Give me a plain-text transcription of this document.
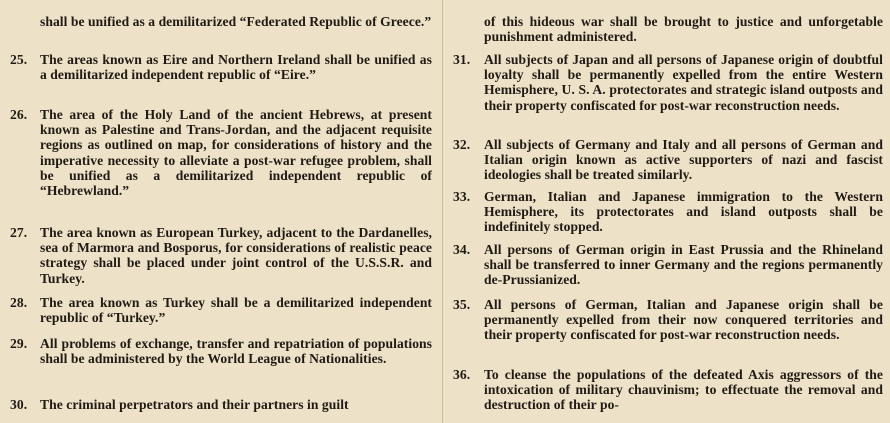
shall be unified as a demilitarized “Federated Republic of Greece.”
25. The areas known as Eire and Northern Ireland shall be unified as a demilitarized independent republic of “Eire.”
26. The area of the Holy Land of the ancient Hebrews, at present known as Palestine and Trans-Jordan, and the adjacent requisite regions as outlined on map, for considerations of history and the imperative necessity to alleviate a post-war refugee problem, shall be unified as a demilitarized independent republic of “Hebrewland.”
27. The area known as European Turkey, adjacent to the Dardanelles, sea of Marmora and Bosporus, for considerations of realistic peace strategy shall be placed under joint control of the U.S.S.R. and Turkey.
28. The area known as Turkey shall be a demilitarized independent republic of “Turkey.”
29. All problems of exchange, transfer and repatriation of populations shall be administered by the World League of Nationalities.
30. The criminal perpetrators and their partners in guilt
of this hideous war shall be brought to justice and unforgetable punishment administered.
31.	All subjects of Japan and all persons of Japanese origin of doubtful loyalty shall be permanently expelled from the entire Western Hemisphere, U. S. A. protectorates and strategic island outposts and their property confiscated for post-war reconstruction needs.
32.	All subjects of Germany and Italy and all persons of German and Italian origin known as active supporters of nazi and fascist ideologies shall be treated similarly.
33.	German, Italian and Japanese immigration to the Western Hemisphere, its protectorates and island outposts shall be indefinitely stopped.
34.	All persons of German origin in East Prussia and the Rhineland shall be transferred to inner Germany and the regions permanently de-Prussianized.
35.	All persons of German, Italian and Japanese origin shall be permanently expelled from their now conquered territories and their property confiscated for post-war reconstruction needs.
36.	To cleanse the populations of the defeated Axis aggressors of the intoxication of military chauvinism; to effectuate the removal and destruction of their po-
